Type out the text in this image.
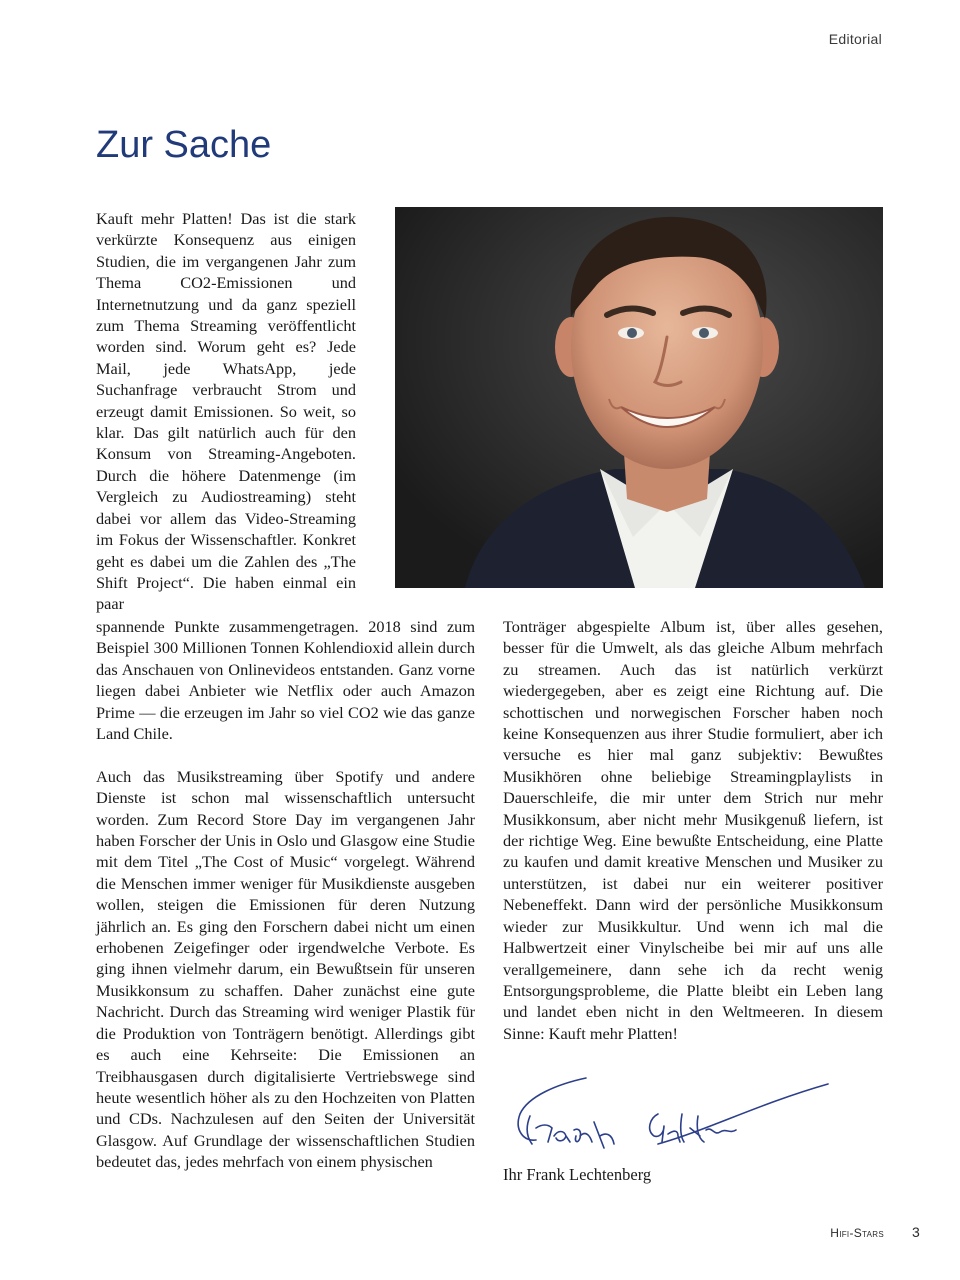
Editorial
Zur Sache

Kauft mehr Platten! Das ist die stark verkürzte Konsequenz aus einigen Studien, die im vergangenen Jahr zum Thema CO2-Emissionen und Internetnutzung und da ganz speziell zum Thema Streaming veröffentlicht worden sind. Worum geht es? Jede Mail, jede WhatsApp, jede Suchanfrage verbraucht Strom und erzeugt damit Emissionen. So weit, so klar. Das gilt natürlich auch für den Konsum von Streaming-Angeboten. Durch die höhere Datenmenge (im Vergleich zu Audiostreaming) steht dabei vor allem das Video-Streaming im Fokus der Wissenschaftler. Konkret geht es dabei um die Zahlen des „The Shift Project“. Die haben einmal ein paar

spannende Punkte zusammengetragen. 2018 sind zum Beispiel 300 Millionen Tonnen Kohlendioxid allein durch das Anschauen von Onlinevideos entstanden. Ganz vorne liegen dabei Anbieter wie Netflix oder auch Amazon Prime — die erzeugen im Jahr so viel CO2 wie das ganze Land Chile.

Auch das Musikstreaming über Spotify und andere Dienste ist schon mal wissenschaftlich untersucht worden. Zum Record Store Day im vergangenen Jahr haben Forscher der Unis in Oslo und Glasgow eine Studie mit dem Titel „The Cost of Music“ vorgelegt. Während die Menschen immer weniger für Musikdienste ausgeben wollen, steigen die Emissionen für deren Nutzung jährlich an. Es ging den Forschern dabei nicht um einen erhobenen Zeigefinger oder irgendwelche Verbote. Es ging ihnen vielmehr darum, ein Bewußtsein für unseren Musikkonsum zu schaffen. Daher zunächst eine gute Nachricht. Durch das Streaming wird weniger Plastik für die Produktion von Tonträgern benötigt. Allerdings gibt es auch eine Kehrseite: Die Emissionen an Treibhausgasen durch digitalisierte Vertriebswege sind heute wesentlich höher als zu den Hochzeiten von Platten und CDs. Nachzulesen auf den Seiten der Universität Glasgow. Auf Grundlage der wissenschaftlichen Studien bedeutet das, jedes mehrfach von einem physischen

Tonträger abgespielte Album ist, über alles gesehen, besser für die Umwelt, als das gleiche Album mehrfach zu streamen. Auch das ist natürlich verkürzt wiedergegeben, aber es zeigt eine Richtung auf. Die schottischen und norwegischen Forscher haben noch keine Konsequenzen aus ihrer Studie formuliert, aber ich versuche es hier mal ganz subjektiv: Bewußtes Musikhören ohne beliebige Streamingplaylists in Dauerschleife, die mir unter dem Strich nur mehr Musikkonsum, aber nicht mehr Musikgenuß liefern, ist der richtige Weg. Eine bewußte Entscheidung, eine Platte zu kaufen und damit kreative Menschen und Musiker zu unterstützen, ist dabei nur ein weiterer positiver Nebeneffekt. Dann wird der persönliche Musikkonsum wieder zur Musikkultur. Und wenn ich mal die Halbwertzeit einer Vinylscheibe bei mir auf uns alle verallgemeinere, dann sehe ich da recht wenig Entsorgungsprobleme, die Platte bleibt ein Leben lang und landet eben nicht in den Weltmeeren. In diesem Sinne: Kauft mehr Platten!

Ihr Frank Lechtenberg

Hifi-Stars 3
